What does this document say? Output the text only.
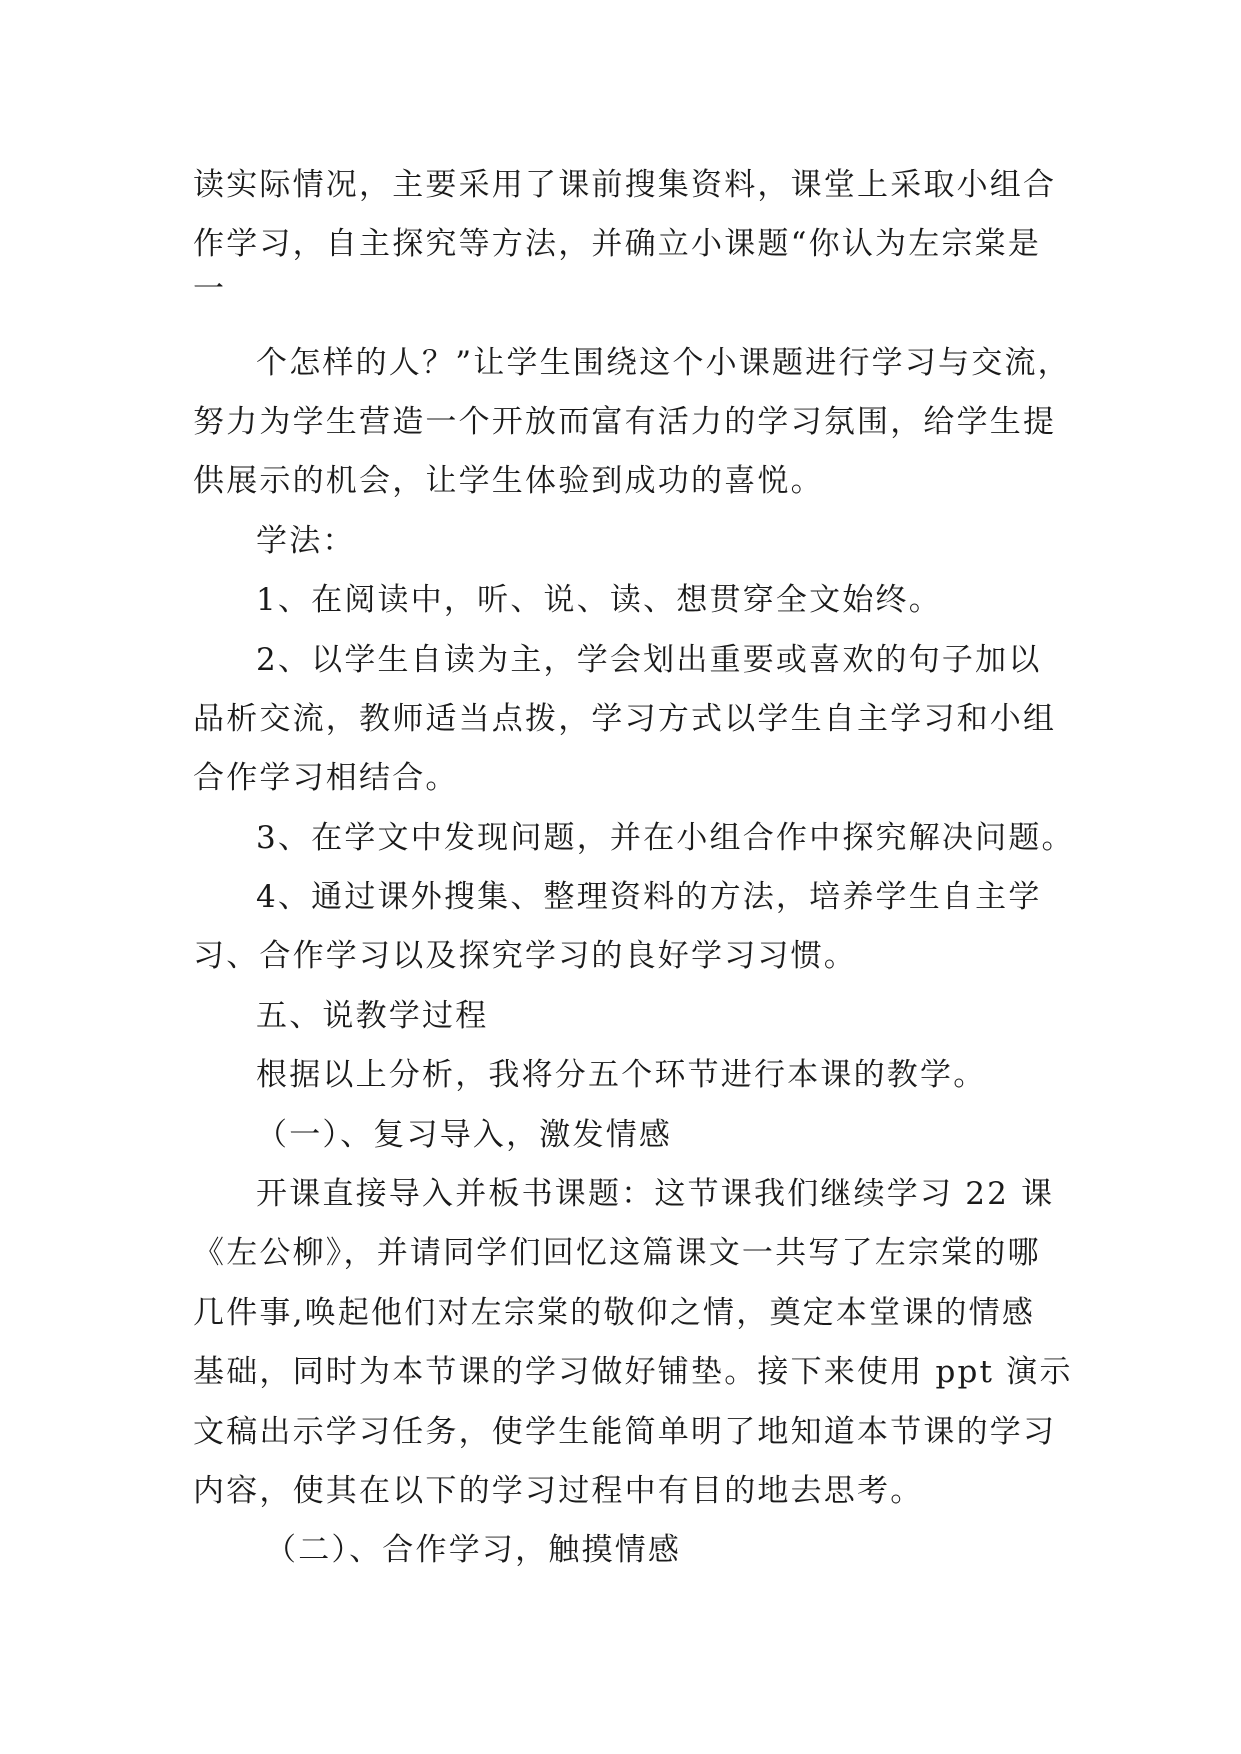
读实际情况，主要采用了课前搜集资料，课堂上采取小组合

作学习，自主探究等方法，并确立小课题“你认为左宗棠是

一

个怎样的人？”让学生围绕这个小课题进行学习与交流，

努力为学生营造一个开放而富有活力的学习氛围，给学生提

供展示的机会，让学生体验到成功的喜悦。

学法：

1、在阅读中，听、说、读、想贯穿全文始终。

2、以学生自读为主，学会划出重要或喜欢的句子加以

品析交流，教师适当点拨，学习方式以学生自主学习和小组

合作学习相结合。

3、在学文中发现问题，并在小组合作中探究解决问题。

4、通过课外搜集、整理资料的方法，培养学生自主学

习、合作学习以及探究学习的良好学习习惯。

五、说教学过程

根据以上分析，我将分五个环节进行本课的教学。

（一）、复习导入，激发情感

开课直接导入并板书课题：这节课我们继续学习 22 课

《左公柳》，并请同学们回忆这篇课文一共写了左宗棠的哪

几件事,唤起他们对左宗棠的敬仰之情，奠定本堂课的情感

基础，同时为本节课的学习做好铺垫。接下来使用 ppt 演示

文稿出示学习任务，使学生能简单明了地知道本节课的学习

内容，使其在以下的学习过程中有目的地去思考。

（二）、合作学习，触摸情感
